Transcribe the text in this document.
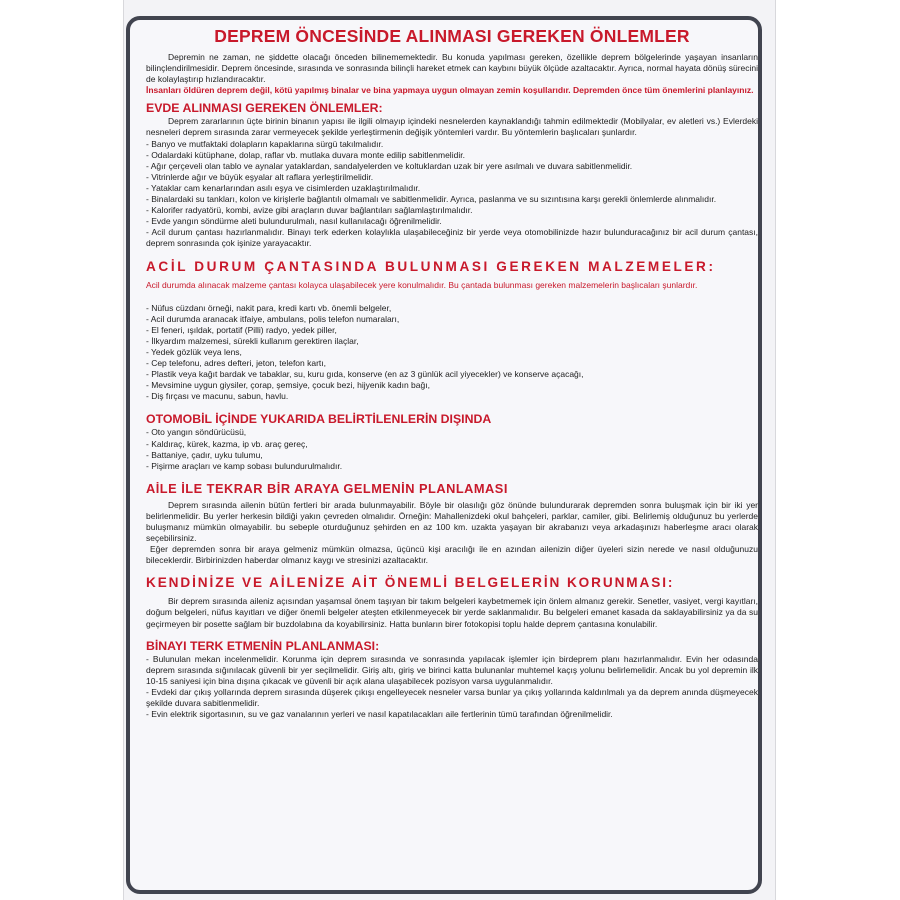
DEPREM ÖNCESİNDE ALINMASI GEREKEN ÖNLEMLER

Depremin ne zaman, ne şiddette olacağı önceden bilinememektedir. Bu konuda yapılması gereken, özellikle deprem bölgelerinde yaşayan insanların bilinçlendirilmesidir. Deprem öncesinde, sırasında ve sonrasında bilinçli hareket etmek can kaybını büyük ölçüde azaltacaktır. Ayrıca, normal hayata dönüş sürecini de kolaylaştırıp hızlandıracaktır.

İnsanları öldüren deprem değil, kötü yapılmış binalar ve bina yapmaya uygun olmayan zemin koşullarıdır. Depremden önce tüm önemlerini planlayınız.

EVDE ALINMASI GEREKEN ÖNLEMLER:

Deprem zararlarının üçte birinin binanın yapısı ile ilgili olmayıp içindeki nesnelerden kaynaklandığı tahmin edilmektedir (Mobilyalar, ev aletleri vs.) Evlerdeki nesneleri deprem sırasında zarar vermeyecek şekilde yerleştirmenin değişik yöntemleri vardır. Bu yöntemlerin başlıcaları şunlardır.

- Banyo ve mutfaktaki dolapların kapaklarına sürgü takılmalıdır.
- Odalardaki kütüphane, dolap, raflar vb. mutlaka duvara monte edilip sabitlenmelidir.
- Ağır çerçeveli olan tablo ve aynalar yataklardan, sandalyelerden ve koltuklardan uzak bir yere asılmalı ve duvara sabitlenmelidir.
- Vitrinlerde ağır ve büyük eşyalar alt raflara yerleştirilmelidir.
- Yataklar cam kenarlarından asılı eşya ve cisimlerden uzaklaştırılmalıdır.
- Binalardaki su tankları, kolon ve kirişlerle bağlantılı olmamalı ve sabitlenmelidir. Ayrıca, paslanma ve su sızıntısına karşı gerekli önlemlerde alınmalıdır.
- Kalorifer radyatörü, kombi, avize gibi araçların duvar bağlantıları sağlamlaştırılmalıdır.
- Evde yangın söndürme aleti bulundurulmalı, nasıl kullanılacağı öğrenilmelidir.
- Acil durum çantası hazırlanmalıdır. Binayı terk ederken kolaylıkla ulaşabileceğiniz bir yerde veya otomobilinizde hazır bulunduracağınız bir acil durum çantası, deprem sonrasında çok işinize yarayacaktır.
ACİL DURUM ÇANTASINDA BULUNMASI GEREKEN MALZEMELER:

Acil durumda alınacak malzeme çantası kolayca ulaşabilecek yere konulmalıdır. Bu çantada bulunması gereken malzemelerin başlıcaları şunlardır.

- Nüfus cüzdanı örneği, nakit para, kredi kartı vb. önemli belgeler,
- Acil durumda aranacak itfaiye, ambulans, polis telefon numaraları,
- El feneri, ışıldak, portatif (Pilli) radyo, yedek piller,
- İlkyardım malzemesi, sürekli kullanım gerektiren ilaçlar,
- Yedek gözlük veya lens,
- Cep telefonu, adres defteri, jeton, telefon kartı,
- Plastik veya kağıt bardak ve tabaklar, su, kuru gıda, konserve (en az 3 günlük acil yiyecekler) ve konserve açacağı,
- Mevsimine uygun giysiler, çorap, şemsiye, çocuk bezi, hijyenik kadın bağı,
- Diş fırçası ve macunu, sabun, havlu.
OTOMOBİL İÇİNDE YUKARIDA BELİRTİLENLERİN DIŞINDA
- Oto yangın söndürücüsü,
- Kaldıraç, kürek, kazma, ip vb. araç gereç,
- Battaniye, çadır, uyku tulumu,
- Pişirme araçları ve kamp sobası bulundurulmalıdır.
AİLE İLE TEKRAR BİR ARAYA GELMENİN PLANLAMASI

Deprem sırasında ailenin bütün fertleri bir arada bulunmayabilir. Böyle bir olasılığı göz önünde bulundurarak depremden sonra buluşmak için bir iki yer belirlenmelidir. Bu yerler herkesin bildiği yakın çevreden olmalıdır. Örneğin: Mahallenizdeki okul bahçeleri, parklar, camiler, gibi. Belirlemiş olduğunuz bu yerlerde buluşmanız mümkün olmayabilir. bu sebeple oturduğunuz şehirden en az 100 km. uzakta yaşayan bir akrabanızı veya arkadaşınızı haberleşme aracı olarak seçebilirsiniz.

Eğer depremden sonra bir araya gelmeniz mümkün olmazsa, üçüncü kişi aracılığı ile en azından ailenizin diğer üyeleri sizin nerede ve nasıl olduğunuzu bileceklerdir. Birbirinizden haberdar olmanız kaygı ve stresinizi azaltacaktır.

KENDİNİZE VE AİLENİZE AİT ÖNEMLİ BELGELERİN KORUNMASI:

Bir deprem sırasında aileniz açısından yaşamsal önem taşıyan bir takım belgeleri kaybetmemek için önlem almanız gerekir. Senetler, vasiyet, vergi kayıtları, doğum belgeleri, nüfus kayıtları ve diğer önemli belgeler ateşten etkilenmeyecek bir yerde saklanmalıdır. Bu belgeleri emanet kasada da saklayabilirsiniz ya da su geçirmeyen bir posette sağlam bir buzdolabına da koyabilirsiniz. Hatta bunların birer fotokopisi toplu halde deprem çantasına konulabilir.

BİNAYI TERK ETMENİN PLANLANMASI:
- Bulunulan mekan incelenmelidir. Korunma için deprem sırasında ve sonrasında yapılacak işlemler için birdeprem planı hazırlanmalıdır. Evin her odasında deprem sırasında sığınılacak güvenli bir yer seçilmelidir. Giriş altı, giriş ve birinci katta bulunanlar muhtemel kaçış yolunu belirlemelidir. Ancak bu yol depremin ilk 10-15 saniyesi için bina dışına çıkacak ve güvenli bir açık alana ulaşabilecek pozisyon varsa uygulanmalıdır.
- Evdeki dar çıkış yollarında deprem sırasında düşerek çıkışı engelleyecek nesneler varsa bunlar ya çıkış yollarında kaldırılmalı ya da deprem anında düşmeyecek şekilde duvara sabitlenmelidir.
- Evin elektrik sigortasının, su ve gaz vanalarının yerleri ve nasıl kapatılacakları aile fertlerinin tümü tarafından öğrenilmelidir.
